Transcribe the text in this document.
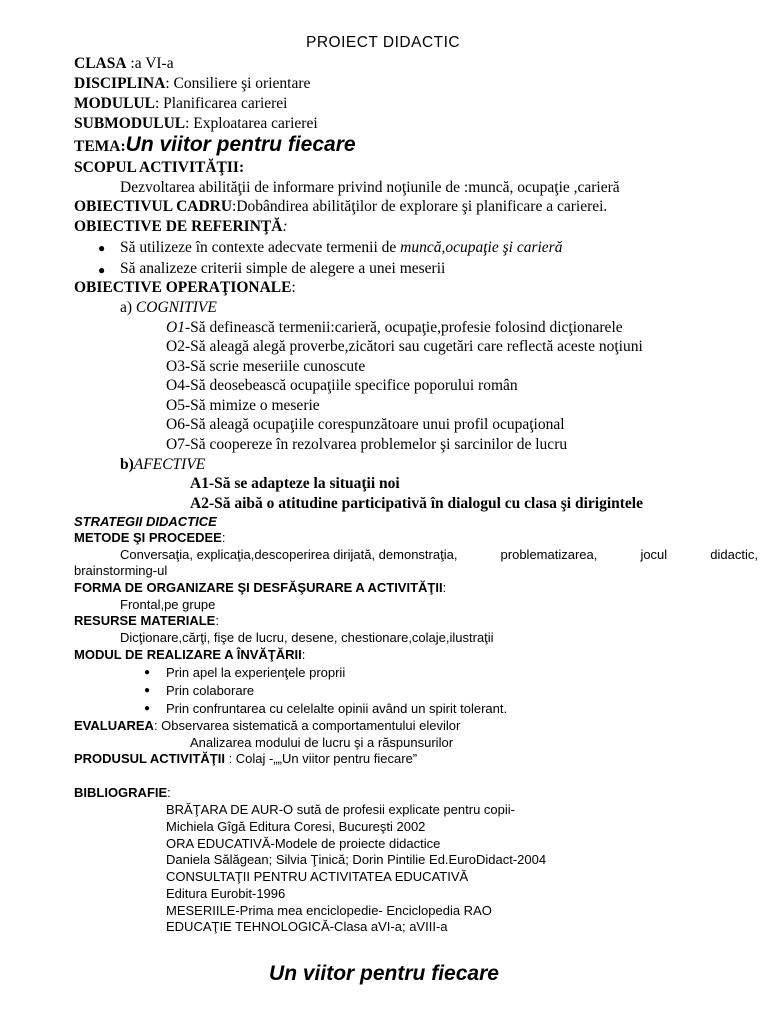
PROIECT DIDACTIC
CLASA :a VI-a
DISCIPLINA: Consiliere şi orientare
MODULUL: Planificarea carierei
SUBMODULUL: Exploatarea carierei
TEMA:Un viitor pentru fiecare
SCOPUL ACTIVITĂŢII:
Dezvoltarea abilităţii de informare privind noţiunile de :muncă, ocupaţie ,carieră
OBIECTIVUL CADRU:Dobândirea abilităţilor de explorare şi planificare a carierei.
OBIECTIVE DE REFERINŢĂ:
● Să utilizeze în contexte adecvate termenii de muncă,ocupaţie şi carieră
● Să analizeze criterii simple de alegere a unei meserii
OBIECTIVE OPERAŢIONALE:
a) COGNITIVE
O1-Să definească termenii:carieră, ocupaţie,profesie folosind dicţionarele
O2-Să aleagă alegă proverbe,zicători sau cugetări care reflectă aceste noţiuni
O3-Să scrie meseriile cunoscute
O4-Să deosebească ocupaţiile specifice poporului român
O5-Să mimize o meserie
O6-Să aleagă ocupaţiile corespunzătoare unui profil ocupaţional
O7-Să coopereze în rezolvarea problemelor şi sarcinilor de lucru
b)AFECTIVE
A1-Să se adapteze la situaţii noi
A2-Să aibă o atitudine participativă în dialogul cu clasa şi dirigintele
STRATEGII DIDACTICE
METODE ŞI PROCEDEE:
Conversaţia, explicaţia,descoperirea dirijată, demonstraţia,	problematizarea,	jocul	didactic,
brainstorming-ul
FORMA DE ORGANIZARE ŞI DESFĂŞURARE A ACTIVITĂŢII:
Frontal,pe grupe
RESURSE MATERIALE:
Dicţionare,cărţi, fişe de lucru, desene, chestionare,colaje,ilustraţii
MODUL DE REALIZARE A ÎNVĂŢĂRII:
● Prin apel la experienţele proprii
● Prin colaborare
● Prin confruntarea cu celelalte opinii având un spirit tolerant.
EVALUAREA: Observarea sistematică a comportamentului elevilor
Analizarea modului de lucru şi a răspunsurilor
PRODUSUL ACTIVITĂŢII : Colaj -„„Un viitor pentru fiecare”
BIBLIOGRAFIE:
BRĂŢARA DE AUR-O sută de profesii explicate pentru copii-
Michiela Gîgă Editura Coresi, Bucureşti 2002
ORA EDUCATIVĂ-Modele de proiecte didactice
Daniela Sălăgean; Silvia Ţinică; Dorin Pintilie Ed.EuroDidact-2004
CONSULTAŢII PENTRU ACTIVITATEA EDUCATIVĂ
Editura Eurobit-1996
MESERIILE-Prima mea enciclopedie- Enciclopedia RAO
EDUCAŢIE TEHNOLOGICĂ-Clasa aVI-a; aVIII-a
Un viitor pentru fiecare
